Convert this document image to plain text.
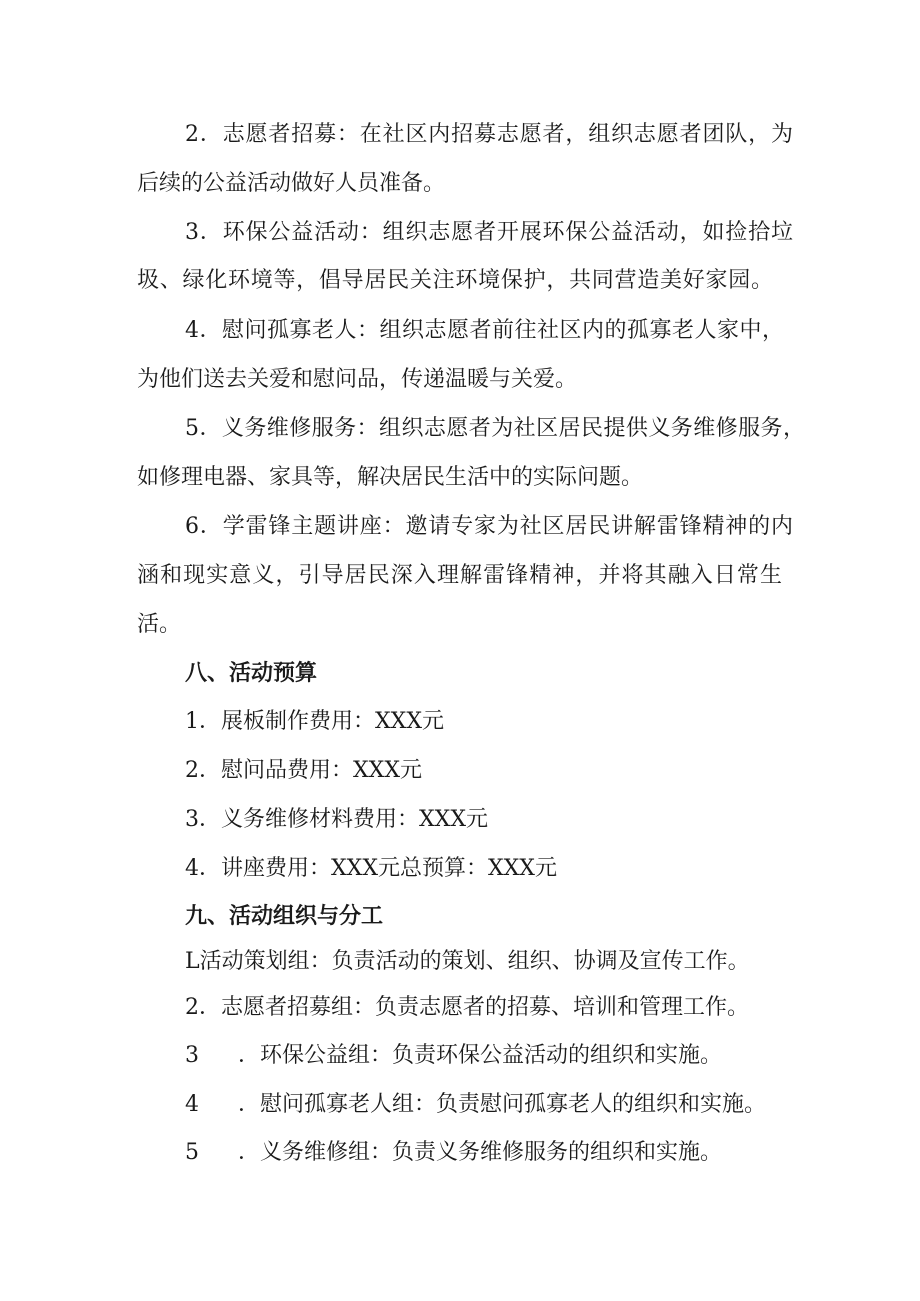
2．志愿者招募：在社区内招募志愿者，组织志愿者团队，为

后续的公益活动做好人员准备。

3．环保公益活动：组织志愿者开展环保公益活动，如捡拾垃

圾、绿化环境等，倡导居民关注环境保护，共同营造美好家园。

4．慰问孤寡老人：组织志愿者前往社区内的孤寡老人家中，

为他们送去关爱和慰问品，传递温暖与关爱。

5．义务维修服务：组织志愿者为社区居民提供义务维修服务，

如修理电器、家具等，解决居民生活中的实际问题。

6．学雷锋主题讲座：邀请专家为社区居民讲解雷锋精神的内

涵和现实意义，引导居民深入理解雷锋精神，并将其融入日常生

活。

八、活动预算

1．展板制作费用：XXX元

2．慰问品费用：XXX元

3．义务维修材料费用：XXX元

4．讲座费用：XXX元总预算：XXX元

九、活动组织与分工

L活动策划组：负责活动的策划、组织、协调及宣传工作。

2．志愿者招募组：负责志愿者的招募、培训和管理工作。

3 ．环保公益组：负责环保公益活动的组织和实施。

4 ．慰问孤寡老人组：负责慰问孤寡老人的组织和实施。

5 ．义务维修组：负责义务维修服务的组织和实施。
